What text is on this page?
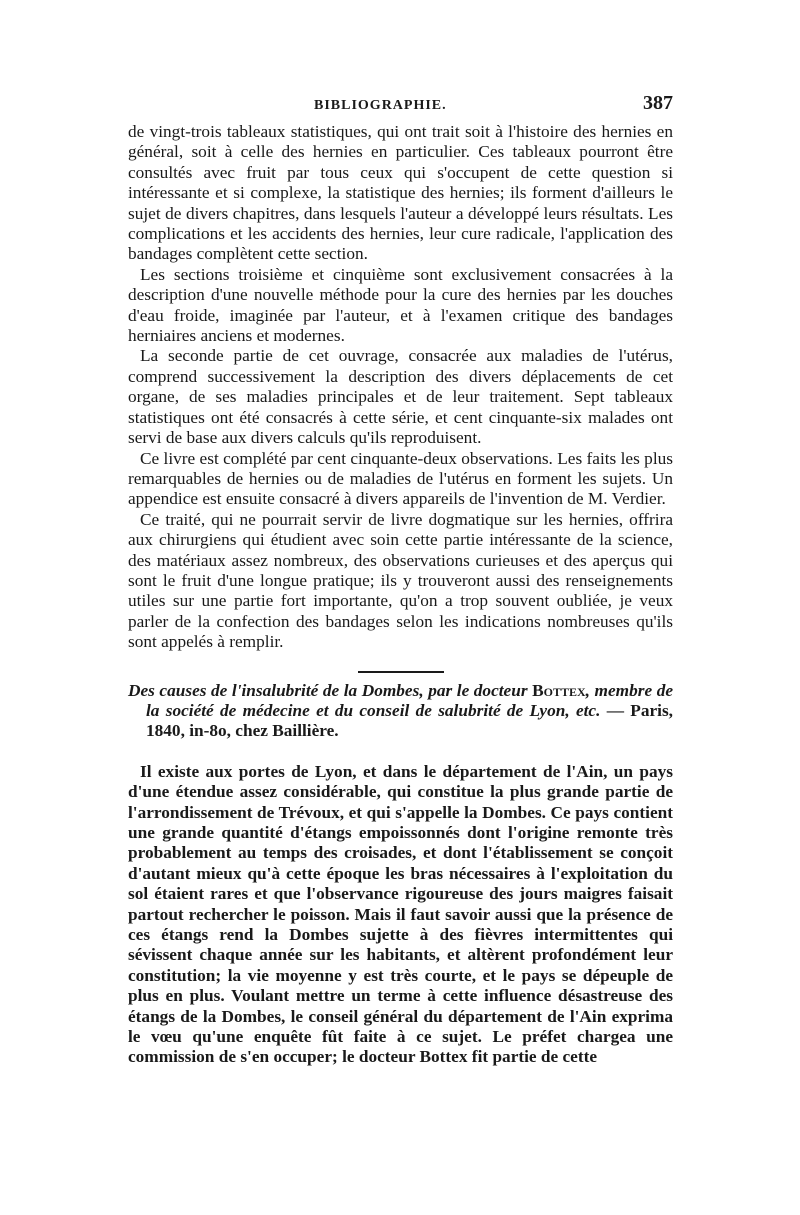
BIBLIOGRAPHIE.	387

de vingt-trois tableaux statistiques, qui ont trait soit à l'histoire des hernies en général, soit à celle des hernies en particulier. Ces tableaux pourront être consultés avec fruit par tous ceux qui s'occupent de cette question si intéressante et si complexe, la statistique des hernies; ils forment d'ailleurs le sujet de divers chapitres, dans lesquels l'auteur a développé leurs résultats. Les complications et les accidents des hernies, leur cure radicale, l'application des bandages complètent cette section.

Les sections troisième et cinquième sont exclusivement consacrées à la description d'une nouvelle méthode pour la cure des hernies par les douches d'eau froide, imaginée par l'auteur, et à l'examen critique des bandages herniaires anciens et modernes.

La seconde partie de cet ouvrage, consacrée aux maladies de l'utérus, comprend successivement la description des divers déplacements de cet organe, de ses maladies principales et de leur traitement. Sept tableaux statistiques ont été consacrés à cette série, et cent cinquante-six malades ont servi de base aux divers calculs qu'ils reproduisent.

Ce livre est complété par cent cinquante-deux observations. Les faits les plus remarquables de hernies ou de maladies de l'utérus en forment les sujets. Un appendice est ensuite consacré à divers appareils de l'invention de M. Verdier.

Ce traité, qui ne pourrait servir de livre dogmatique sur les hernies, offrira aux chirurgiens qui étudient avec soin cette partie intéressante de la science, des matériaux assez nombreux, des observations curieuses et des aperçus qui sont le fruit d'une longue pratique; ils y trouveront aussi des renseignements utiles sur une partie fort importante, qu'on a trop souvent oubliée, je veux parler de la confection des bandages selon les indications nombreuses qu'ils sont appelés à remplir.

Des causes de l'insalubrité de la Dombes, par le docteur Bottex, membre de la société de médecine et du conseil de salubrité de Lyon, etc. — Paris, 1840, in-8o, chez Baillière.

Il existe aux portes de Lyon, et dans le département de l'Ain, un pays d'une étendue assez considérable, qui constitue la plus grande partie de l'arrondissement de Trévoux, et qui s'appelle la Dombes. Ce pays contient une grande quantité d'étangs empoissonnés dont l'origine remonte très probablement au temps des croisades, et dont l'établissement se conçoit d'autant mieux qu'à cette époque les bras nécessaires à l'exploitation du sol étaient rares et que l'observance rigoureuse des jours maigres faisait partout rechercher le poisson. Mais il faut savoir aussi que la présence de ces étangs rend la Dombes sujette à des fièvres intermittentes qui sévissent chaque année sur les habitants, et altèrent profondément leur constitution; la vie moyenne y est très courte, et le pays se dépeuple de plus en plus. Voulant mettre un terme à cette influence désastreuse des étangs de la Dombes, le conseil général du département de l'Ain exprima le vœu qu'une enquête fût faite à ce sujet. Le préfet chargea une commission de s'en occuper; le docteur Bottex fit partie de cette
